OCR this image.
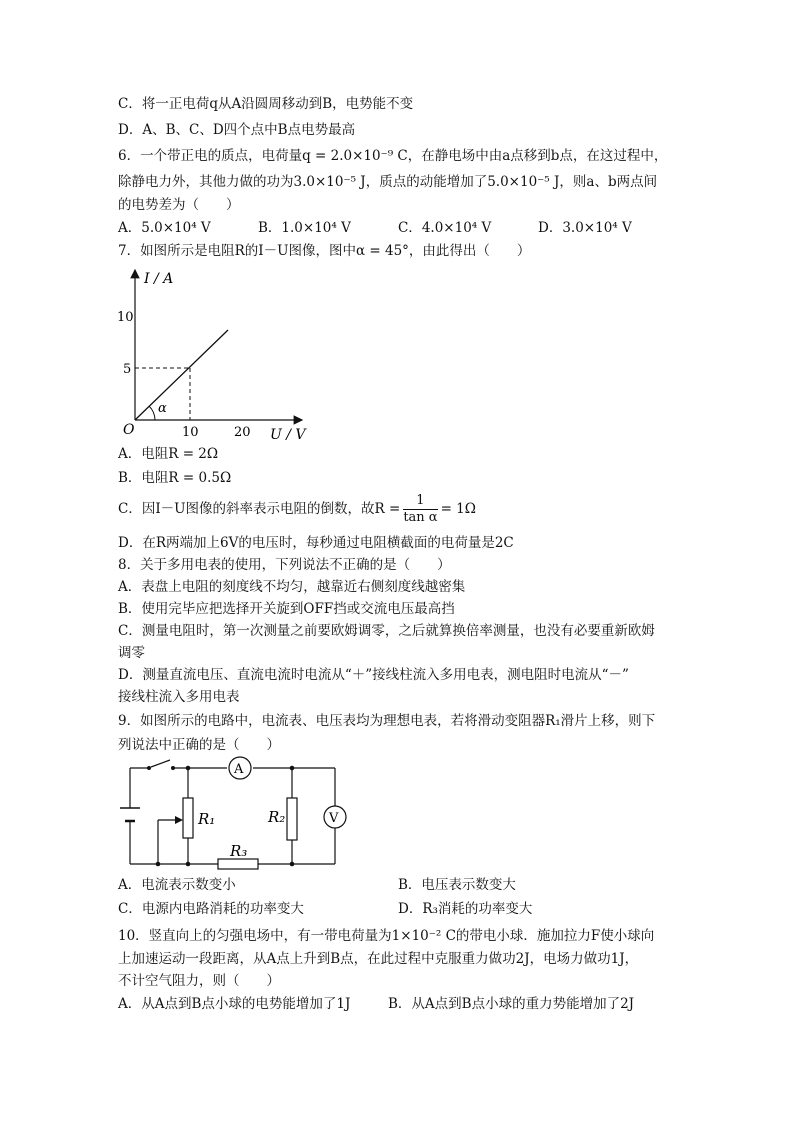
C．将一正电荷q从A沿圆周移动到B，电势能不变
D．A、B、C、D四个点中B点电势最高
6．一个带正电的质点，电荷量q = 2.0×10⁻⁹ C，在静电场中由a点移到b点，在这过程中，
除静电力外，其他力做的功为3.0×10⁻⁵ J，质点的动能增加了5.0×10⁻⁵ J，则a、b两点间
的电势差为（　　）
A．5.0×10⁴ V	B．1.0×10⁴ V	C．4.0×10⁴ V	D．3.0×10⁴ V
7．如图所示是电阻R的I－U图像，图中α = 45°，由此得出（　　）
I / A
10
5
O	10	20 U / V
α
A．电阻R = 2Ω
B．电阻R = 0.5Ω
C．因I－U图像的斜率表示电阻的倒数，故$R = \frac{1}{\text{tan α}} = 1\Omega$
D．在R两端加上6V的电压时，每秒通过电阻横截面的电荷量是2C
8．关于多用电表的使用，下列说法不正确的是（　　）
A．表盘上电阻的刻度线不均匀，越靠近右侧刻度线越密集
B．使用完毕应把选择开关旋到OFF挡或交流电压最高挡
C．测量电阻时，第一次测量之前要欧姆调零，之后就算换倍率测量，也没有必要重新欧姆
调零
D．测量直流电压、直流电流时电流从“＋”接线柱流入多用电表，测电阻时电流从“－”
接线柱流入多用电表
9．如图所示的电路中，电流表、电压表均为理想电表，若将滑动变阻器R₁滑片上移，则下
列说法中正确的是（　　）
A
V
R₁	R₂
R₃
A．电流表示数变小	B．电压表示数变大
C．电源内电路消耗的功率变大	D．R₃消耗的功率变大
10．竖直向上的匀强电场中，有一带电荷量为1×10⁻² C的带电小球．施加拉力F使小球向
上加速运动一段距离，从A点上升到B点，在此过程中克服重力做功2J，电场力做功1J，
不计空气阻力，则（　　）
A．从A点到B点小球的电势能增加了1J	B．从A点到B点小球的重力势能增加了2J
